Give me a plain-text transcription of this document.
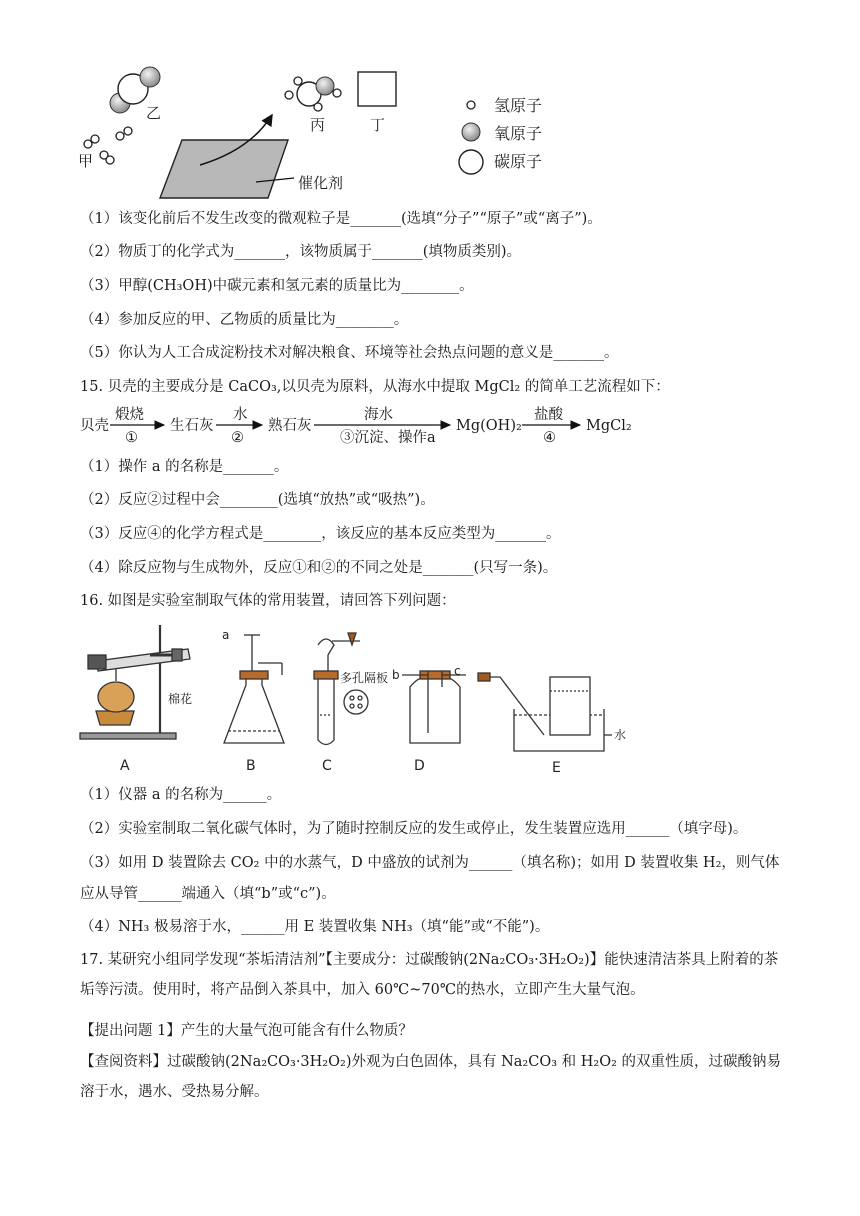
乙
甲
催化剂
丙	丁
氢原子
氧原子
碳原子
（1）该变化前后不发生改变的微观粒子是_______(选填“分子”“原子”或“离子”)。
（2）物质丁的化学式为_______，该物质属于_______(填物质类别)。
（3）甲醇(CH₃OH)中碳元素和氢元素的质量比为________。
（4）参加反应的甲、乙物质的质量比为________。
（5）你认为人工合成淀粉技术对解决粮食、环境等社会热点问题的意义是_______。
15. 贝壳的主要成分是 CaCO₃,以贝壳为原料，从海水中提取 MgCl₂ 的简单工艺流程如下：
贝壳
煅烧
①
生石灰
水
②
熟石灰
海水
③沉淀、操作a
Mg(OH)₂
盐酸
④
MgCl₂
（1）操作 a 的名称是_______。
（2）反应②过程中会________(选填“放热”或“吸热”)。
（3）反应④的化学方程式是________，该反应的基本反应类型为_______。
（4）除反应物与生成物外，反应①和②的不同之处是_______(只写一条)。
16. 如图是实验室制取气体的常用装置，请回答下列问题：
棉花
A
a
B
多孔隔板
C
b	c
D
水
E
（1）仪器 a 的名称为______。
（2）实验室制取二氧化碳气体时，为了随时控制反应的发生或停止，发生装置应选用______（填字母)。
（3）如用 D 装置除去 CO₂ 中的水蒸气，D 中盛放的试剂为______（填名称)；如用 D 装置收集 H₂，则气体
应从导管______端通入（填“b”或“c”)。
（4）NH₃ 极易溶于水，______用 E 装置收集 NH₃（填“能”或“不能”)。
17. 某研究小组同学发现“茶垢清洁剂”【主要成分：过碳酸钠(2Na₂CO₃·3H₂O₂)】能快速清洁茶具上附着的茶垢等污渍。使用时，将产品倒入茶具中，加入 60℃~70℃的热水，立即产生大量气泡。
【提出问题 1】产生的大量气泡可能含有什么物质？
【查阅资料】过碳酸钠(2Na₂CO₃·3H₂O₂)外观为白色固体，具有 Na₂CO₃ 和 H₂O₂ 的双重性质，过碳酸钠易溶于水，遇水、受热易分解。
